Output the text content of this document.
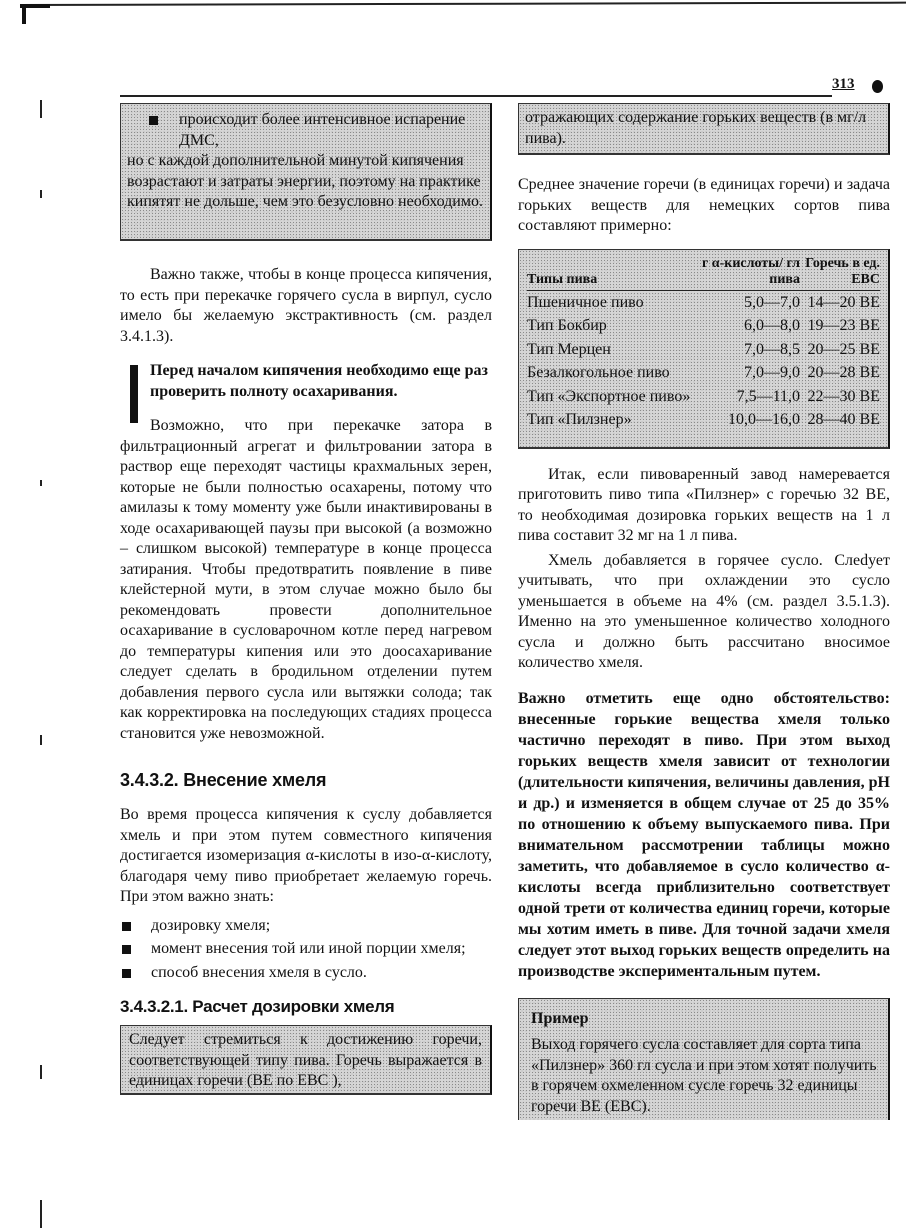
313
происходит более интенсивное испарение ДМС,

но с каждой дополнительной минутой кипячения возрастают и затраты энергии, поэтому на практике кипятят не дольше, чем это безусловно необходимо.

Важно также, чтобы в конце процесса кипячения, то есть при перекачке горячего сусла в вирпул, сусло имело бы желаемую экстрактивность (см. раздел 3.4.1.3).

Перед началом кипячения необходимо еще раз проверить полноту осахаривания.

Возможно, что при перекачке затора в фильтрационный агрегат и фильтровании затора в раствор еще переходят частицы крахмальных зерен, которые не были полностью осахарены, потому что амилазы к тому моменту уже были инактивированы в ходе осахаривающей паузы при высокой (а возможно – слишком высокой) температуре в конце процесса затирания. Чтобы предотвратить появление в пиве клейстерной мути, в этом случае можно было бы рекомендовать провести дополнительное осахаривание в сусловарочном котле перед нагревом до температуры кипения или это доосахаривание следует сделать в бродильном отделении путем добавления первого сусла или вытяжки солода; так как корректировка на последующих стадиях процесса становится уже невозможной.

3.4.3.2. Внесение хмеля

Во время процесса кипячения к суслу добавляется хмель и при этом путем совместного кипячения достигается изомеризация α-кислоты в изо-α-кислоту, благодаря чему пиво приобретает желаемую горечь. При этом важно знать:

дозировку хмеля;
момент внесения той или иной порции хмеля;
способ внесения хмеля в сусло.
3.4.3.2.1. Расчет дозировки хмеля
Следует стремиться к достижению горечи, соответствующей типу пива. Горечь выражается в единицах горечи (ВЕ по ЕВС ),
отражающих содержание горьких веществ (в мг/л пива).

Среднее значение горечи (в единицах горечи) и задача горьких веществ для немецких сортов пива составляют примерно:

Типы пива	г α-кислоты/ гл пива	Горечь в ед. ЕВС
Пшеничное пиво	5,0—7,0	14—20 ВЕ
Тип Бокбир	6,0—8,0	19—23 ВЕ
Тип Мерцен	7,0—8,5	20—25 ВЕ
Безалкогольное пиво	7,0—9,0	20—28 ВЕ
Тип «Экспортное пиво»	7,5—11,0	22—30 ВЕ
Тип «Пилзнер»	10,0—16,0	28—40 ВЕ

Итак, если пивоваренный завод намеревается приготовить пиво типа «Пилзнер» с горечью 32 ВЕ, то необходимая дозировка горьких веществ на 1 л пива составит 32 мг на 1 л пива.

Хмель добавляется в горячее сусло. Слеdует учитывать, что при охлаждении это сусло уменьшается в объеме на 4% (см. раздел 3.5.1.3). Именно на это уменьшенное количество холодного сусла и должно быть рассчитано вносимое количество хмеля.

Важно отметить еще одно обстоятельство: внесенные горькие вещества хмеля только частично переходят в пиво. При этом выход горьких веществ хмеля зависит от технологии (длительности кипячения, величины давления, pH и др.) и изменяется в общем случае от 25 до 35% по отношению к объему выпускаемого пива. При внимательном рассмотрении таблицы можно заметить, что добавляемое в сусло количество α-кислоты всегда приблизительно соответствует одной трети от количества единиц горечи, которые мы хотим иметь в пиве. Для точной задачи хмеля следует этот выход горьких веществ определить на производстве экспериментальным путем.

Пример

Выход горячего сусла составляет для сорта типа «Пилзнер» 360 гл сусла и при этом хотят получить в горячем охмеленном сусле горечь 32 единицы горечи ВЕ (ЕВС).
